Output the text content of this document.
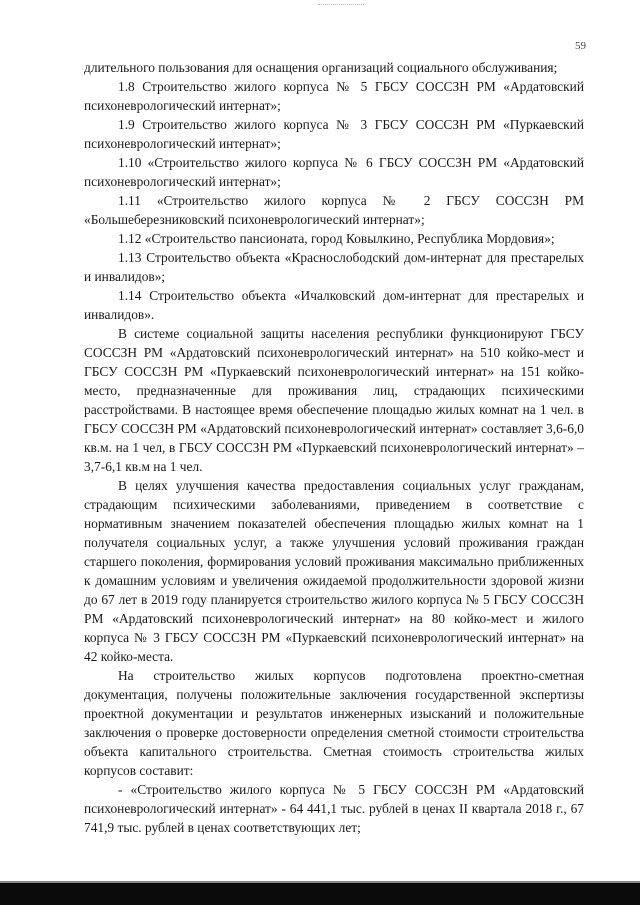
59

длительного пользования для оснащения организаций социального обслуживания;

1.8 Строительство жилого корпуса № 5 ГБСУ СОССЗН РМ «Ардатовский психоневрологический интернат»;

1.9 Строительство жилого корпуса № 3 ГБСУ СОССЗН РМ «Пуркаевский психоневрологический интернат»;

1.10 «Строительство жилого корпуса № 6 ГБСУ СОССЗН РМ «Ардатовский психоневрологический интернат»;

1.11 «Строительство жилого корпуса № 2 ГБСУ СОССЗН РМ «Большеберезниковский психоневрологический интернат»;

1.12 «Строительство пансионата, город Ковылкино, Республика Мордовия»;

1.13 Строительство объекта «Краснослободский дом-интернат для престарелых и инвалидов»;

1.14 Строительство объекта «Ичалковский дом-интернат для престарелых и инвалидов».

В системе социальной защиты населения республики функционируют ГБСУ СОССЗН РМ «Ардатовский психоневрологический интернат» на 510 койко-мест и ГБСУ СОССЗН РМ «Пуркаевский психоневрологический интернат» на 151 койко-место, предназначенные для проживания лиц, страдающих психическими расстройствами. В настоящее время обеспечение площадью жилых комнат на 1 чел. в ГБСУ СОССЗН РМ «Ардатовский психоневрологический интернат» составляет 3,6-6,0 кв.м. на 1 чел, в ГБСУ СОССЗН РМ «Пуркаевский психоневрологический интернат» – 3,7-6,1 кв.м на 1 чел.

В целях улучшения качества предоставления социальных услуг гражданам, страдающим психическими заболеваниями, приведением в соответствие с нормативным значением показателей обеспечения площадью жилых комнат на 1 получателя социальных услуг, а также улучшения условий проживания граждан старшего поколения, формирования условий проживания максимально приближенных к домашним условиям и увеличения ожидаемой продолжительности здоровой жизни до 67 лет в 2019 году планируется строительство жилого корпуса № 5 ГБСУ СОССЗН РМ «Ардатовский психоневрологический интернат» на 80 койко-мест и жилого корпуса № 3 ГБСУ СОССЗН РМ «Пуркаевский психоневрологический интернат» на 42 койко-места.

На строительство жилых корпусов подготовлена проектно-сметная документация, получены положительные заключения государственной экспертизы проектной документации и результатов инженерных изысканий и положительные заключения о проверке достоверности определения сметной стоимости строительства объекта капитального строительства. Сметная стоимость строительства жилых корпусов составит:

- «Строительство жилого корпуса № 5 ГБСУ СОССЗН РМ «Ардатовский психоневрологический интернат» - 64 441,1 тыс. рублей в ценах II квартала 2018 г., 67 741,9 тыс. рублей в ценах соответствующих лет;
